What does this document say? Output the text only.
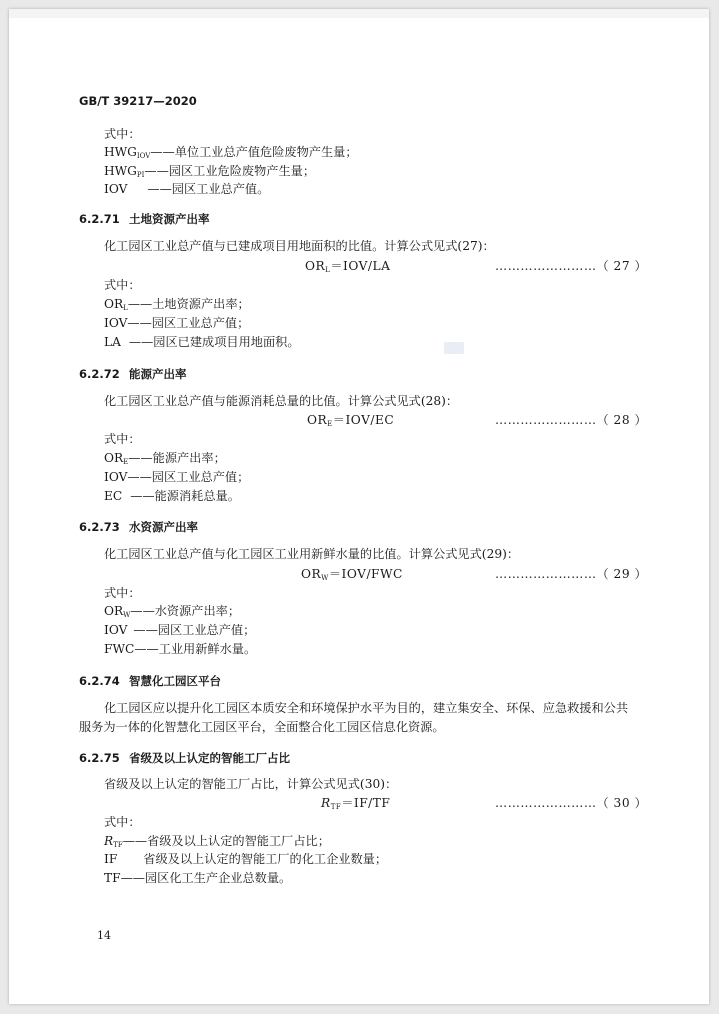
GB/T 39217—2020
式中：
$HWG_{IOV}——$单位工业总产值危险废物产生量；
$HWG_{PI}——$园区工业危险废物产生量；
IOV ——园区工业总产值。
6.2.71 土地资源产出率
化工园区工业总产值与已建成项目用地面积的比值。计算公式见式(27)：
$OR_L=IOV/LA$	……………………（ 27 ）
式中：
$OR_L——$土地资源产出率；
IOV——园区工业总产值；
LA ——园区已建成项目用地面积。
6.2.72 能源产出率
化工园区工业总产值与能源消耗总量的比值。计算公式见式(28)：
$OR_E=IOV/EC$	……………………（ 28 ）
式中：
$OR_E——$能源产出率；
IOV——园区工业总产值；
EC ——能源消耗总量。
6.2.73 水资源产出率
化工园区工业总产值与化工园区工业用新鲜水量的比值。计算公式见式(29)：
$OR_W=IOV$/FWC	……………………（ 29 ）
式中：
$OR_W——$水资源产出率；
IOV ——园区工业总产值；
FWC——工业用新鲜水量。
6.2.74 智慧化工园区平台
化工园区应以提升化工园区本质安全和环境保护水平为目的，建立集安全、环保、应急救援和公共
服务为一体的化智慧化工园区平台，全面整合化工园区信息化资源。
6.2.75 省级及以上认定的智能工厂占比
省级及以上认定的智能工厂占比，计算公式见式(30)：
$R_{TF}=IF/TF$	……………………（ 30 ）
式中：
$R_{TF}——$省级及以上认定的智能工厂占比；
IF 省级及以上认定的智能工厂的化工企业数量；
TF——园区化工生产企业总数量。
14
